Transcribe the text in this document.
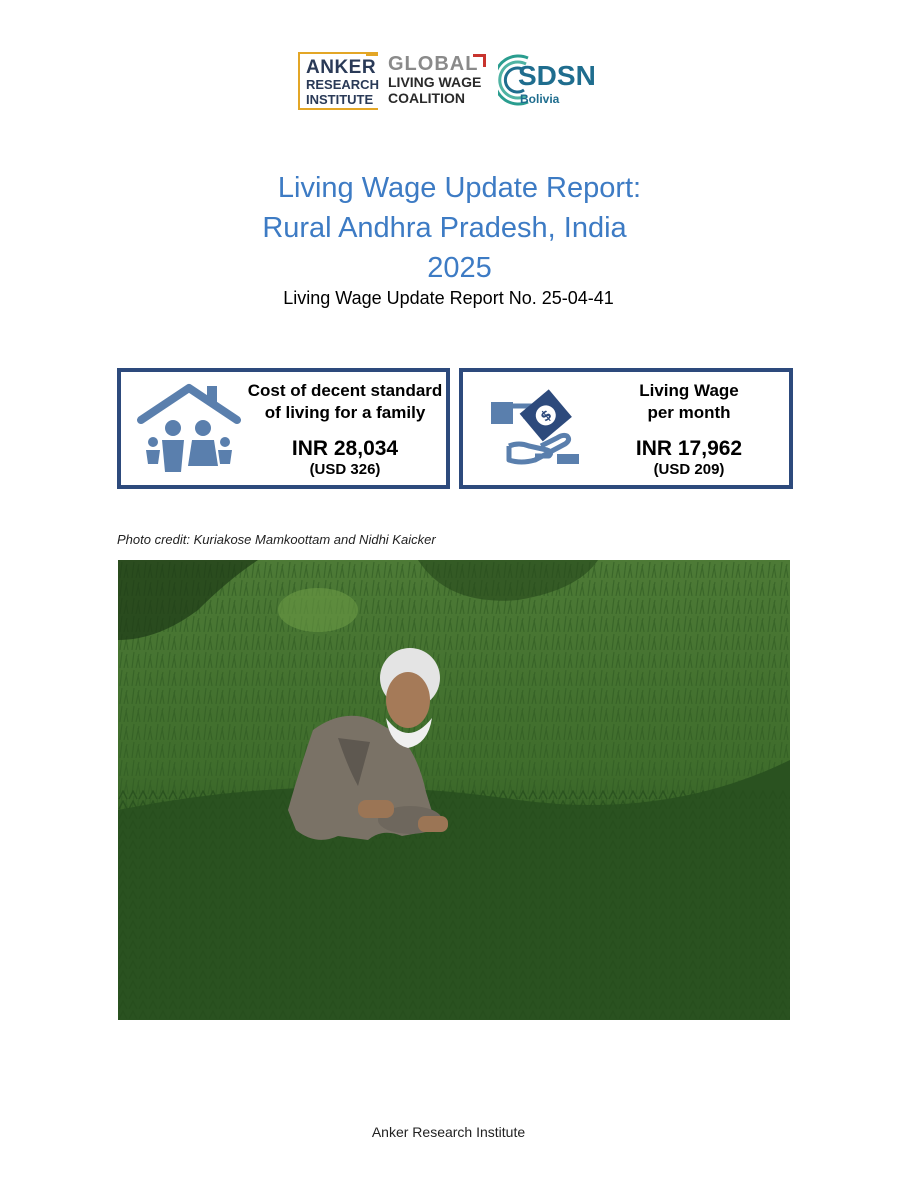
ANKER
RESEARCH
INSTITUTE
GLOBAL
LIVING WAGE
COALITION
SDSN
Bolivia
Living Wage Update Report:
Rural Andhra Pradesh, India
2025
Living Wage Update Report No. 25-04-41
Cost of decent standard
of living for a family
INR 28,034
(USD 326)
$
Living Wage
per month
INR 17,962
(USD 209)
Photo credit: Kuriakose Mamkoottam and Nidhi Kaicker
Anker Research Institute
